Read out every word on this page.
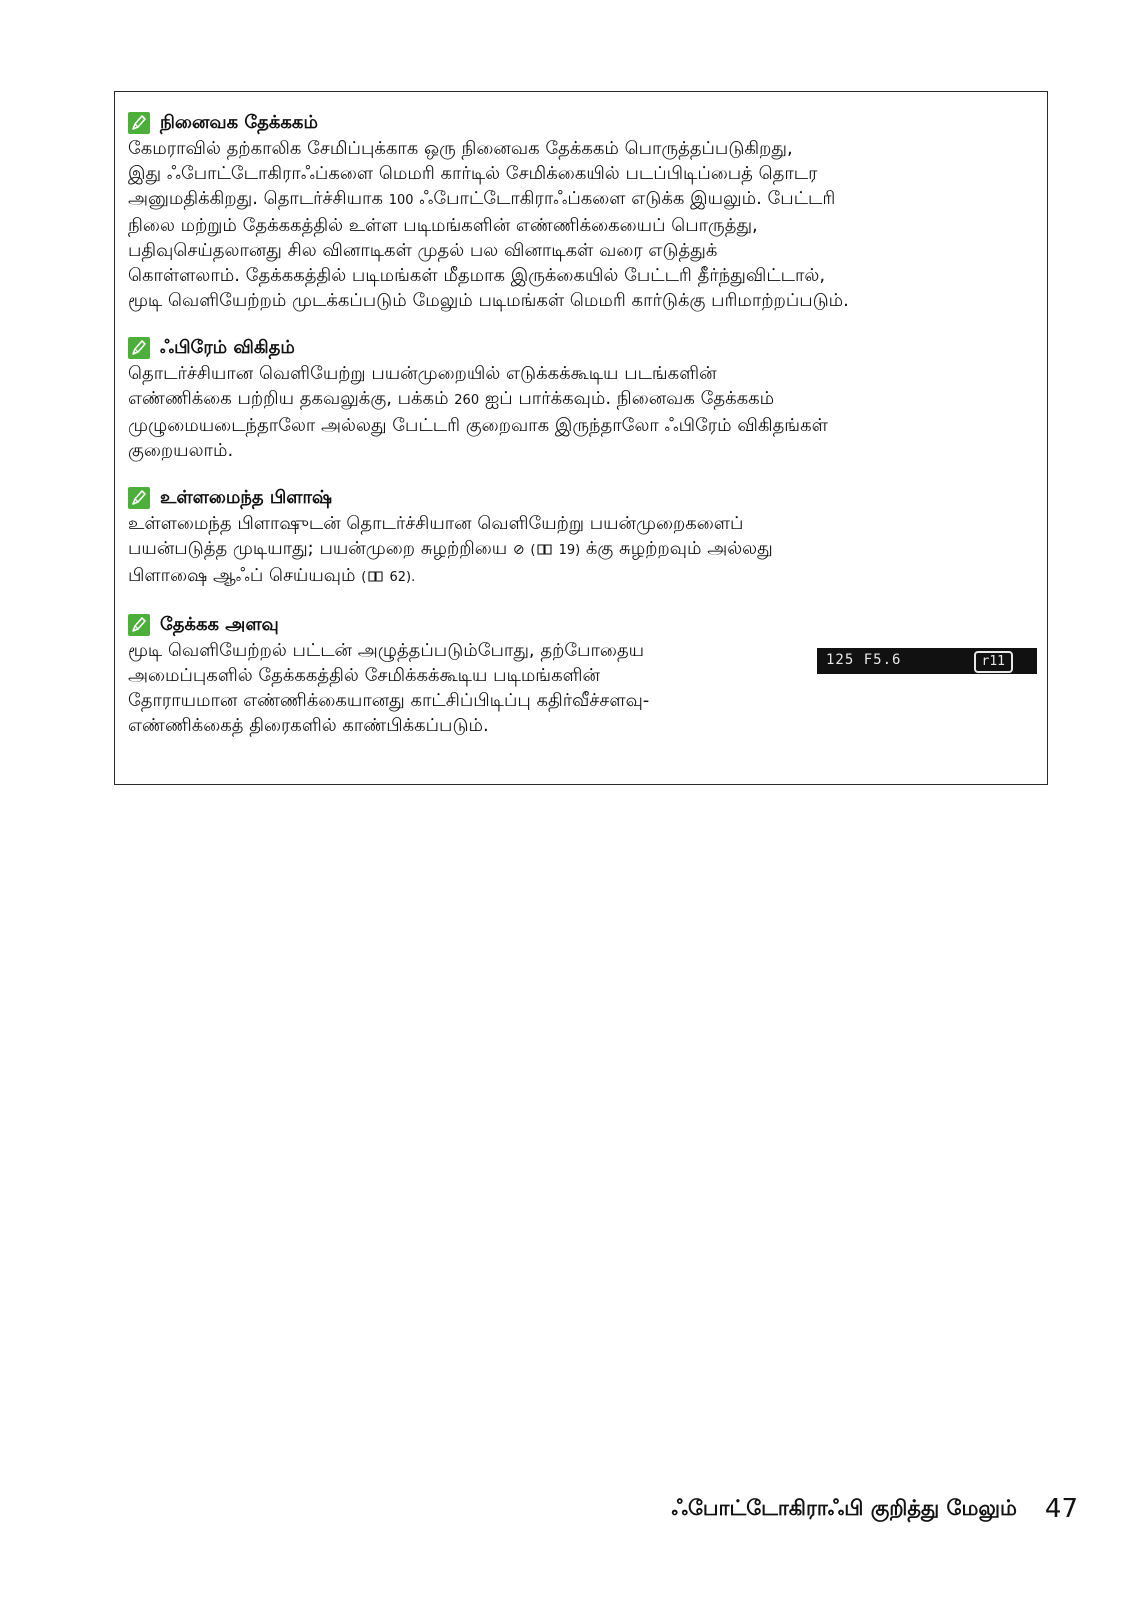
நினைவக தேக்ககம்

கேமராவில் தற்காலிக சேமிப்புக்காக ஒரு நினைவக தேக்ககம் பொருத்தப்படுகிறது,
இது ஃபோட்டோகிராஃப்களை மெமரி கார்டில் சேமிக்கையில் படப்பிடிப்பைத் தொடர
அனுமதிக்கிறது. தொடர்ச்சியாக 100 ஃபோட்டோகிராஃப்களை எடுக்க இயலும். பேட்டரி
நிலை மற்றும் தேக்ககத்தில் உள்ள படிமங்களின் எண்ணிக்கையைப் பொருத்து,
பதிவுசெய்தலானது சில வினாடிகள் முதல் பல வினாடிகள் வரை எடுத்துக்
கொள்ளலாம். தேக்ககத்தில் படிமங்கள் மீதமாக இருக்கையில் பேட்டரி தீர்ந்துவிட்டால்,
மூடி வெளியேற்றம் முடக்கப்படும் மேலும் படிமங்கள் மெமரி கார்டுக்கு பரிமாற்றப்படும்.

ஃபிரேம் விகிதம்

தொடர்ச்சியான வெளியேற்று பயன்முறையில் எடுக்கக்கூடிய படங்களின்
எண்ணிக்கை பற்றிய தகவலுக்கு, பக்கம் 260 ஐப் பார்க்கவும். நினைவக தேக்ககம்
முழுமையடைந்தாலோ அல்லது பேட்டரி குறைவாக இருந்தாலோ ஃபிரேம் விகிதங்கள்
குறையலாம்.

உள்ளமைந்த பிளாஷ்

உள்ளமைந்த பிளாஷுடன் தொடர்ச்சியான வெளியேற்று பயன்முறைகளைப்
பயன்படுத்த முடியாது; பயன்முறை சுழற்றியை ⊘ ( 19) க்கு சுழற்றவும் அல்லது
பிளாஷை ஆஃப் செய்யவும் ( 62).

தேக்கக அளவு

மூடி வெளியேற்றல் பட்டன் அழுத்தப்படும்போது, தற்போதைய
அமைப்புகளில் தேக்ககத்தில் சேமிக்கக்கூடிய படிமங்களின்
தோராயமான எண்ணிக்கையானது காட்சிப்பிடிப்பு கதிர்வீச்சளவு-
எண்ணிக்கைத் திரைகளில் காண்பிக்கப்படும்.

125 F5.6	r11
ஃபோட்டோகிராஃபி குறித்து மேலும் 47
